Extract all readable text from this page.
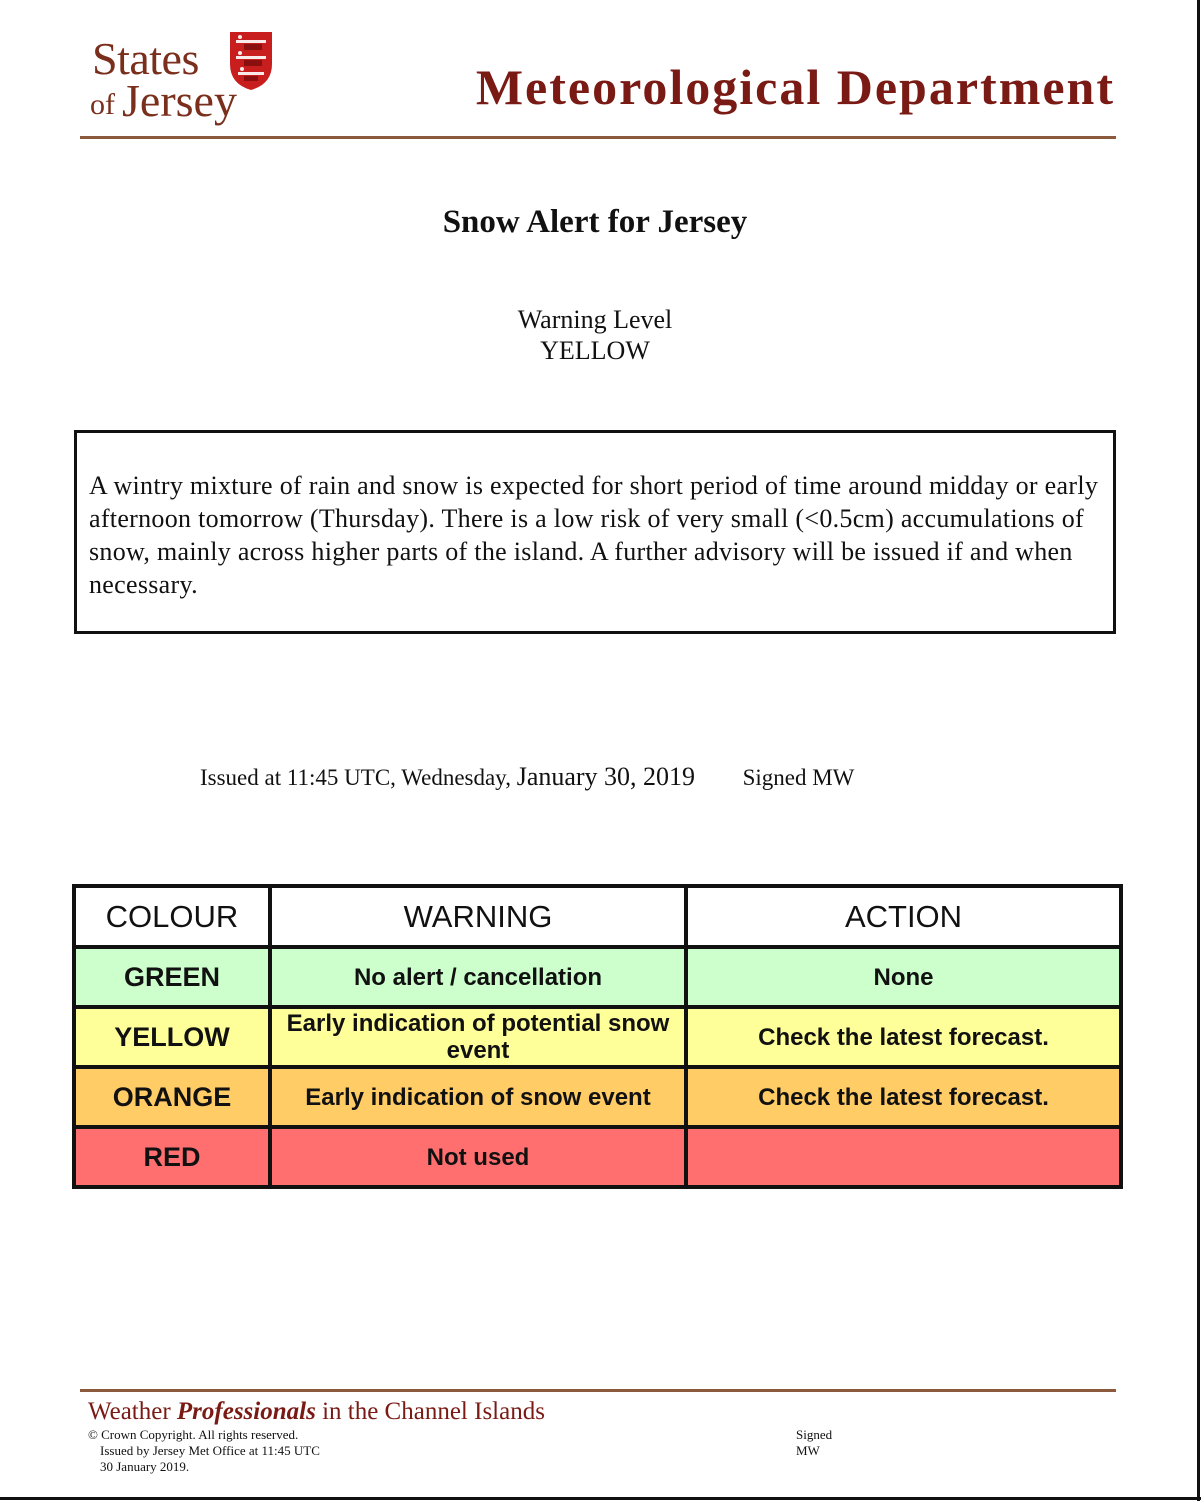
States
of Jersey	Meteorological Department
Snow Alert for Jersey
Warning Level
YELLOW
A wintry mixture of rain and snow is expected for short period of time around midday or early afternoon tomorrow (Thursday). There is a low risk of very small (<0.5cm) accumulations of snow, mainly across higher parts of the island. A further advisory will be issued if and when necessary.
Issued at 11:45 UTC, Wednesday, January 30, 2019 Signed MW
COLOUR	WARNING	ACTION
GREEN	No alert / cancellation	None
YELLOW	Early indication of potential snow event	Check the latest forecast.
ORANGE	Early indication of snow event	Check the latest forecast.
RED	Not used	
Weather Professionals in the Channel Islands
© Crown Copyright. All rights reserved.
Issued by Jersey Met Office at 11:45 UTC
30 January 2019.
Signed
MW
